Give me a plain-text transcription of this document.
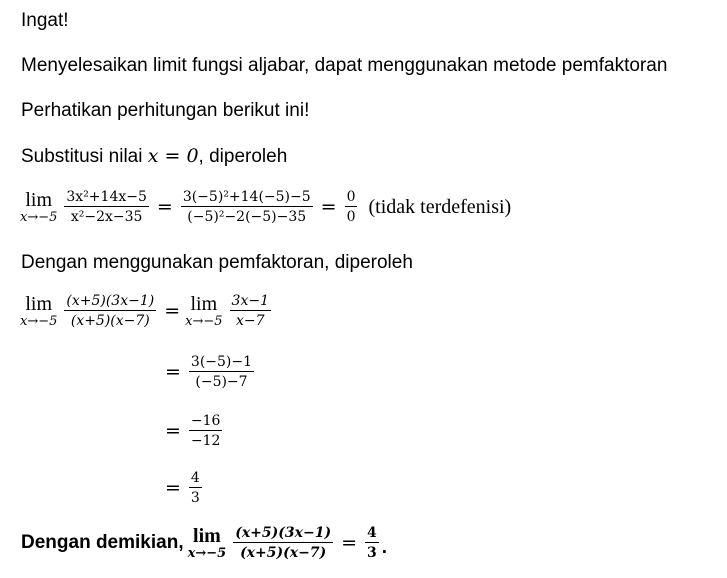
Ingat!
Menyelesaikan limit fungsi aljabar, dapat menggunakan metode pemfaktoran
Perhatikan perhitungan berikut ini!
Substitusi nilai x = 0, diperoleh
lim
$x\to-5 \frac{\text{3x²+14x−5}}{\text{x²−2x−35}} = \frac{\text{3(−5)²+14(−5)−5}}{\text{(−5)²−2(−5)−35}} = \frac{0}{0}$ (tidak terdefenisi)
Dengan menggunakan pemfaktoran, diperoleh
lim
$x\to-5 \frac{(x+5)(3x-1)}{(x+5)(x-7)} = \lim$
$x\to-5 \frac{3x-1}{x-7}$
= $\frac{3(-5)-1}{(-5)-7}$
= $\frac{-16}{-12}$
= $\frac{4}{3}$
Dengan demikian, lim
$x\to-5 \frac{(x+5)(3x-1)}{(x+5)(x-7)} = \frac{4}{3}$ .
